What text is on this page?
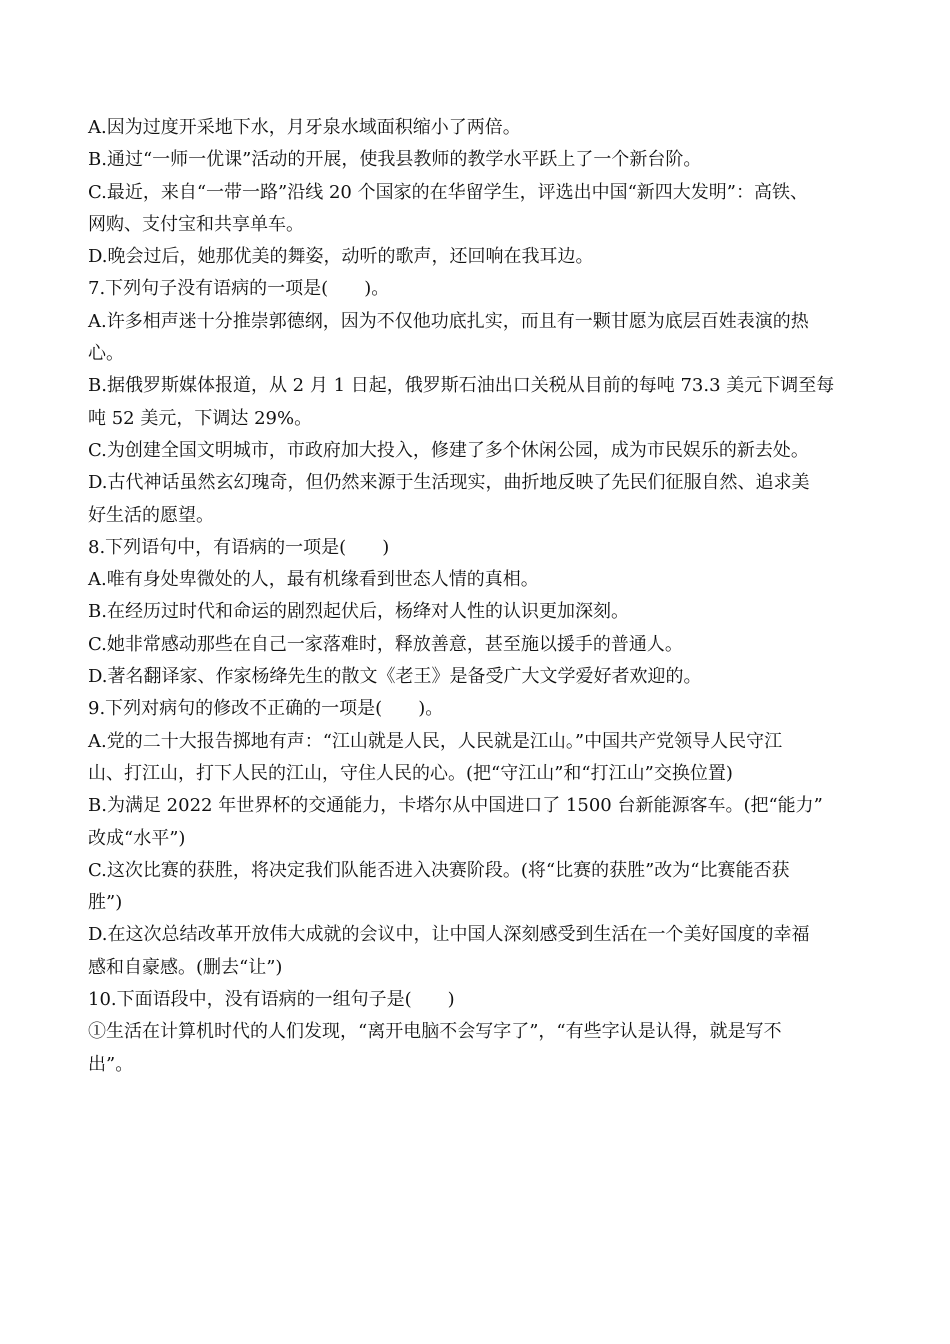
A.因为过度开采地下水，月牙泉水域面积缩小了两倍。
B.通过“一师一优课”活动的开展，使我县教师的教学水平跃上了一个新台阶。
C.最近，来自“一带一路”沿线 20 个国家的在华留学生，评选出中国“新四大发明”：高铁、
网购、支付宝和共享单车。
D.晚会过后，她那优美的舞姿，动听的歌声，还回响在我耳边。
7.下列句子没有语病的一项是(　　)。
A.许多相声迷十分推崇郭德纲，因为不仅他功底扎实，而且有一颗甘愿为底层百姓表演的热
心。
B.据俄罗斯媒体报道，从 2 月 1 日起，俄罗斯石油出口关税从目前的每吨 73.3 美元下调至每
吨 52 美元，下调达 29%。
C.为创建全国文明城市，市政府加大投入，修建了多个休闲公园，成为市民娱乐的新去处。
D.古代神话虽然玄幻瑰奇，但仍然来源于生活现实，曲折地反映了先民们征服自然、追求美
好生活的愿望。
8.下列语句中，有语病的一项是(　　)
A.唯有身处卑微处的人，最有机缘看到世态人情的真相。
B.在经历过时代和命运的剧烈起伏后，杨绛对人性的认识更加深刻。
C.她非常感动那些在自己一家落难时，释放善意，甚至施以援手的普通人。
D.著名翻译家、作家杨绛先生的散文《老王》是备受广大文学爱好者欢迎的。
9.下列对病句的修改不正确的一项是(　　)。
A.党的二十大报告掷地有声：“江山就是人民，人民就是江山。”中国共产党领导人民守江
山、打江山，打下人民的江山，守住人民的心。(把“守江山”和“打江山”交换位置)
B.为满足 2022 年世界杯的交通能力，卡塔尔从中国进口了 1500 台新能源客车。(把“能力”
改成“水平”)
C.这次比赛的获胜，将决定我们队能否进入决赛阶段。(将“比赛的获胜”改为“比赛能否获
胜”)
D.在这次总结改革开放伟大成就的会议中，让中国人深刻感受到生活在一个美好国度的幸福
感和自豪感。(删去“让”)
10.下面语段中，没有语病的一组句子是(　　)
①生活在计算机时代的人们发现，“离开电脑不会写字了”，“有些字认是认得，就是写不
出”。
